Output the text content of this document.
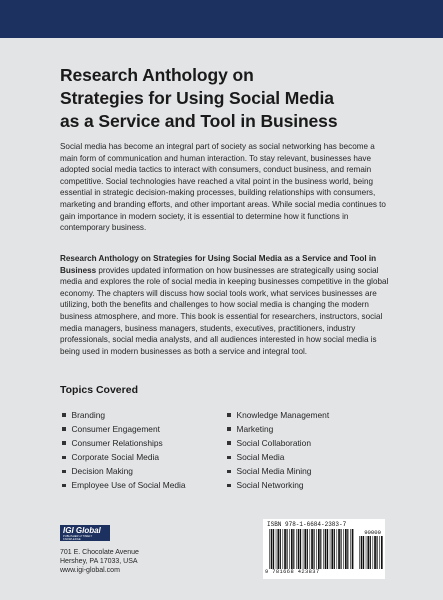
Research Anthology on
Strategies for Using Social Media
as a Service and Tool in Business

Social media has become an integral part of society as social networking has become a main form of communication and human interaction. To stay relevant, businesses have adopted social media tactics to interact with consumers, conduct business, and remain competitive. Social technologies have reached a vital point in the business world, being essential in strategic decision-making processes, building relationships with consumers, marketing and branding efforts, and other important areas. While social media continues to gain importance in modern society, it is essential to determine how it functions in contemporary business.

Research Anthology on Strategies for Using Social Media as a Service and Tool in Business provides updated information on how businesses are strategically using social media and explores the role of social media in keeping businesses competitive in the global economy. The chapters will discuss how social tools work, what services businesses are utilizing, both the benefits and challenges to how social media is changing the modern business atmosphere, and more. This book is essential for researchers, instructors, social media managers, business managers, students, executives, practitioners, industry professionals, social media analysts, and all audiences interested in how social media is being used in modern businesses as both a service and integral tool.

Topics Covered
Branding
Consumer Engagement
Consumer Relationships
Corporate Social Media
Decision Making
Employee Use of Social Media
Knowledge Management
Marketing
Social Collaboration
Social Media
Social Media Mining
Social Networking
IGI Global
PUBLISHER of TIMELY KNOWLEDGE

701 E. Chocolate Avenue
Hershey, PA 17033, USA
www.igi-global.com

ISBN 978-1-6684-2383-7
90000
9 781668 423837
